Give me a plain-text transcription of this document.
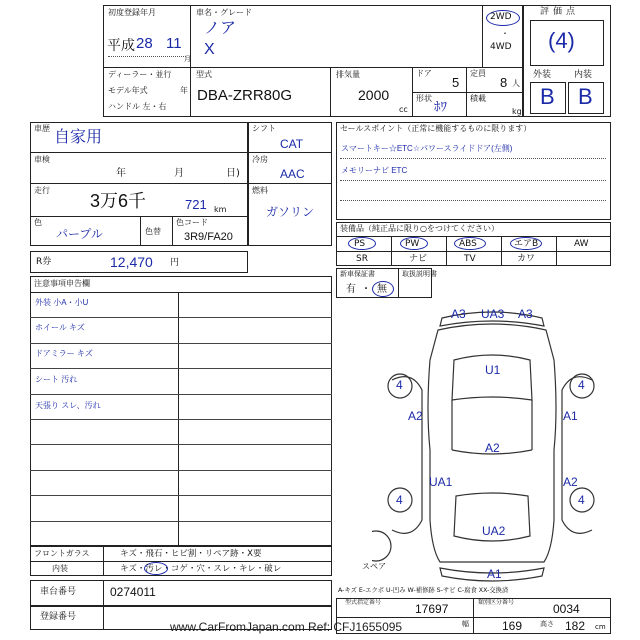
初度登録年月
平成 28 11
月
車名・グレード
ノア
X
2WD
・
4WD
評価点
(4)
外装	内装
B B
ディーラー・並行
モデル年式	年
ハンドル 左・右
型式
DBA-ZRR80G
排気量
2000
cc
ドア
5
定員
8 人
形状
ﾎﾜ
積載
kg
車歴
自家用
車検
年	月	日)
走行
3万6千	721 km
色
パープル	色替
色コード
3R9/FA20
R券	12,470 円
シフト
CAT
冷房
AAC
燃料
ガソリン
セールスポイント（正常に機能するものに限ります）
スマートキー☆ETC☆パワースライドドア(左側)
メモリーナビ ETC
装備品（純正品に限り○をつけてください）
PS	PW	ABS	エアB	AW
SR	ナビ	TV	カワ
新車保証書
有 ・ 無
取扱説明書
注意事項申告欄
外装 小A・小U
ホイール キズ
ドアミラー キズ
シート 汚れ
天張り スレ、汚れ
フロントガラス	キズ・飛石・ヒビ割・リペア跡・X要
内装	キズ・汚レ・コゲ・穴・スレ・キレ・破レ
車台番号	0274011
登録番号
型式指定番号	17697	類別区分番号	0034
幅	169	高さ 182 cm
www.CarFromJapan.com Ref: CFJ1655095
A3 UA3 A3
U1
4	4
A2	A1
A2
UA1	A2
4	4
UA2
A1
スペア
A-キズ E-エクボ U-凹み W-補修跡 S-サビ C-腐食 XX-交換済
